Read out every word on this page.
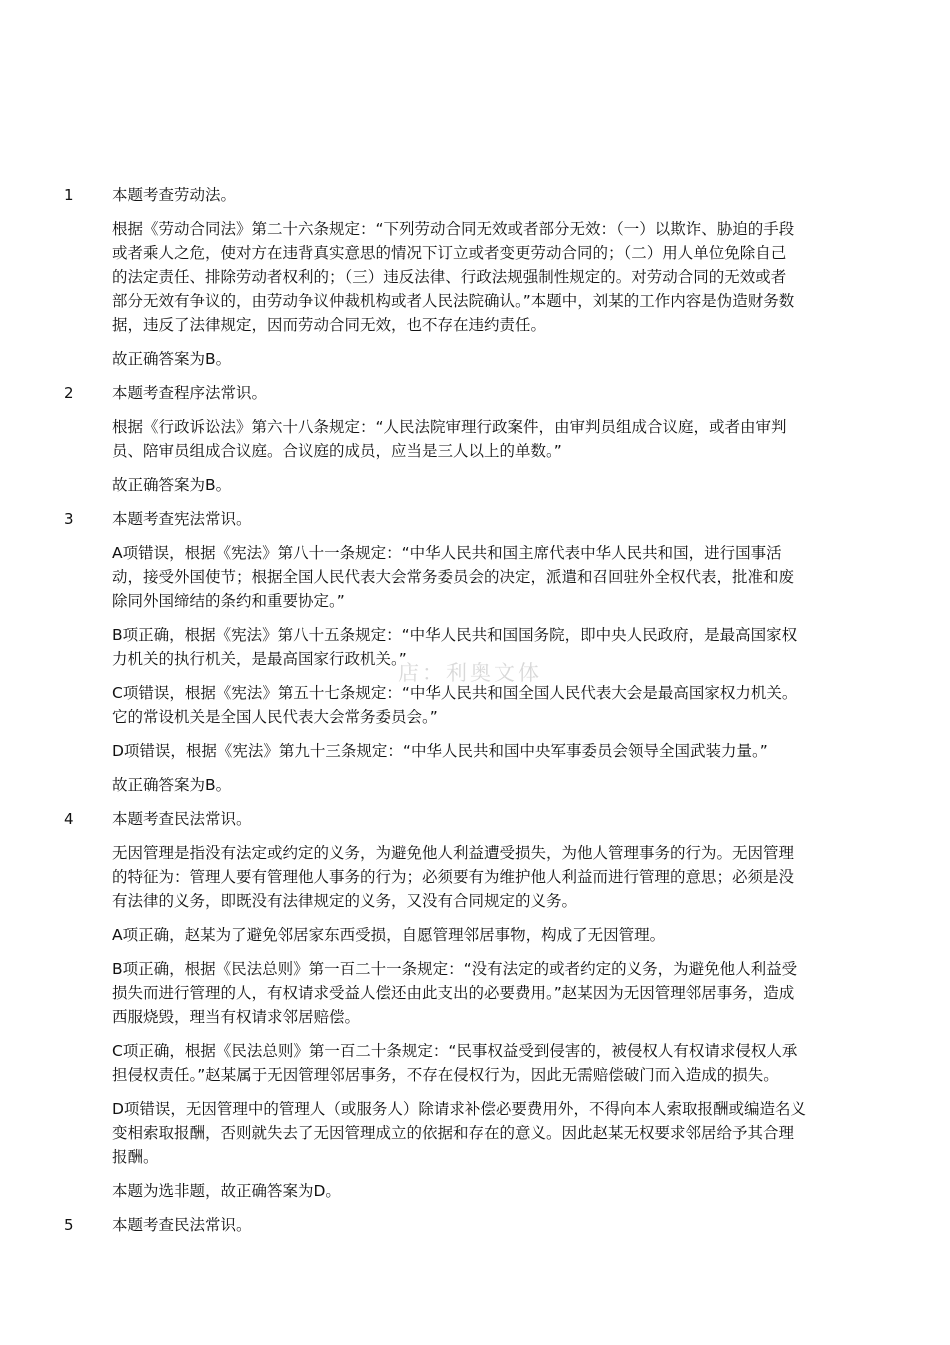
1 本题考查劳动法。
根据《劳动合同法》第二十六条规定：“下列劳动合同无效或者部分无效：（一）以欺诈、胁迫的手段
或者乘人之危，使对方在违背真实意思的情况下订立或者变更劳动合同的；（二）用人单位免除自己
的法定责任、排除劳动者权利的；（三）违反法律、行政法规强制性规定的。对劳动合同的无效或者
部分无效有争议的，由劳动争议仲裁机构或者人民法院确认。”本题中，刘某的工作内容是伪造财务数
据，违反了法律规定，因而劳动合同无效，也不存在违约责任。
故正确答案为B。
2 本题考查程序法常识。
根据《行政诉讼法》第六十八条规定：“人民法院审理行政案件，由审判员组成合议庭，或者由审判
员、陪审员组成合议庭。合议庭的成员，应当是三人以上的单数。”
故正确答案为B。
3 本题考查宪法常识。
A项错误，根据《宪法》第八十一条规定：“中华人民共和国主席代表中华人民共和国，进行国事活
动，接受外国使节；根据全国人民代表大会常务委员会的决定，派遣和召回驻外全权代表，批准和废
除同外国缔结的条约和重要协定。”
B项正确，根据《宪法》第八十五条规定：“中华人民共和国国务院，即中央人民政府，是最高国家权
力机关的执行机关，是最高国家行政机关。”
C项错误，根据《宪法》第五十七条规定：“中华人民共和国全国人民代表大会是最高国家权力机关。
它的常设机关是全国人民代表大会常务委员会。”
D项错误，根据《宪法》第九十三条规定：“中华人民共和国中央军事委员会领导全国武装力量。”
故正确答案为B。
4 本题考查民法常识。
无因管理是指没有法定或约定的义务，为避免他人利益遭受损失，为他人管理事务的行为。无因管理
的特征为：管理人要有管理他人事务的行为；必须要有为维护他人利益而进行管理的意思；必须是没
有法律的义务，即既没有法律规定的义务，又没有合同规定的义务。
A项正确，赵某为了避免邻居家东西受损，自愿管理邻居事物，构成了无因管理。
B项正确，根据《民法总则》第一百二十一条规定：“没有法定的或者约定的义务，为避免他人利益受
损失而进行管理的人，有权请求受益人偿还由此支出的必要费用。”赵某因为无因管理邻居事务，造成
西服烧毁，理当有权请求邻居赔偿。
C项正确，根据《民法总则》第一百二十条规定：“民事权益受到侵害的，被侵权人有权请求侵权人承
担侵权责任。”赵某属于无因管理邻居事务，不存在侵权行为，因此无需赔偿破门而入造成的损失。
D项错误，无因管理中的管理人（或服务人）除请求补偿必要费用外，不得向本人索取报酬或编造名义
变相索取报酬，否则就失去了无因管理成立的依据和存在的意义。因此赵某无权要求邻居给予其合理
报酬。
本题为选非题，故正确答案为D。
5 本题考查民法常识。
店：利奥文体
